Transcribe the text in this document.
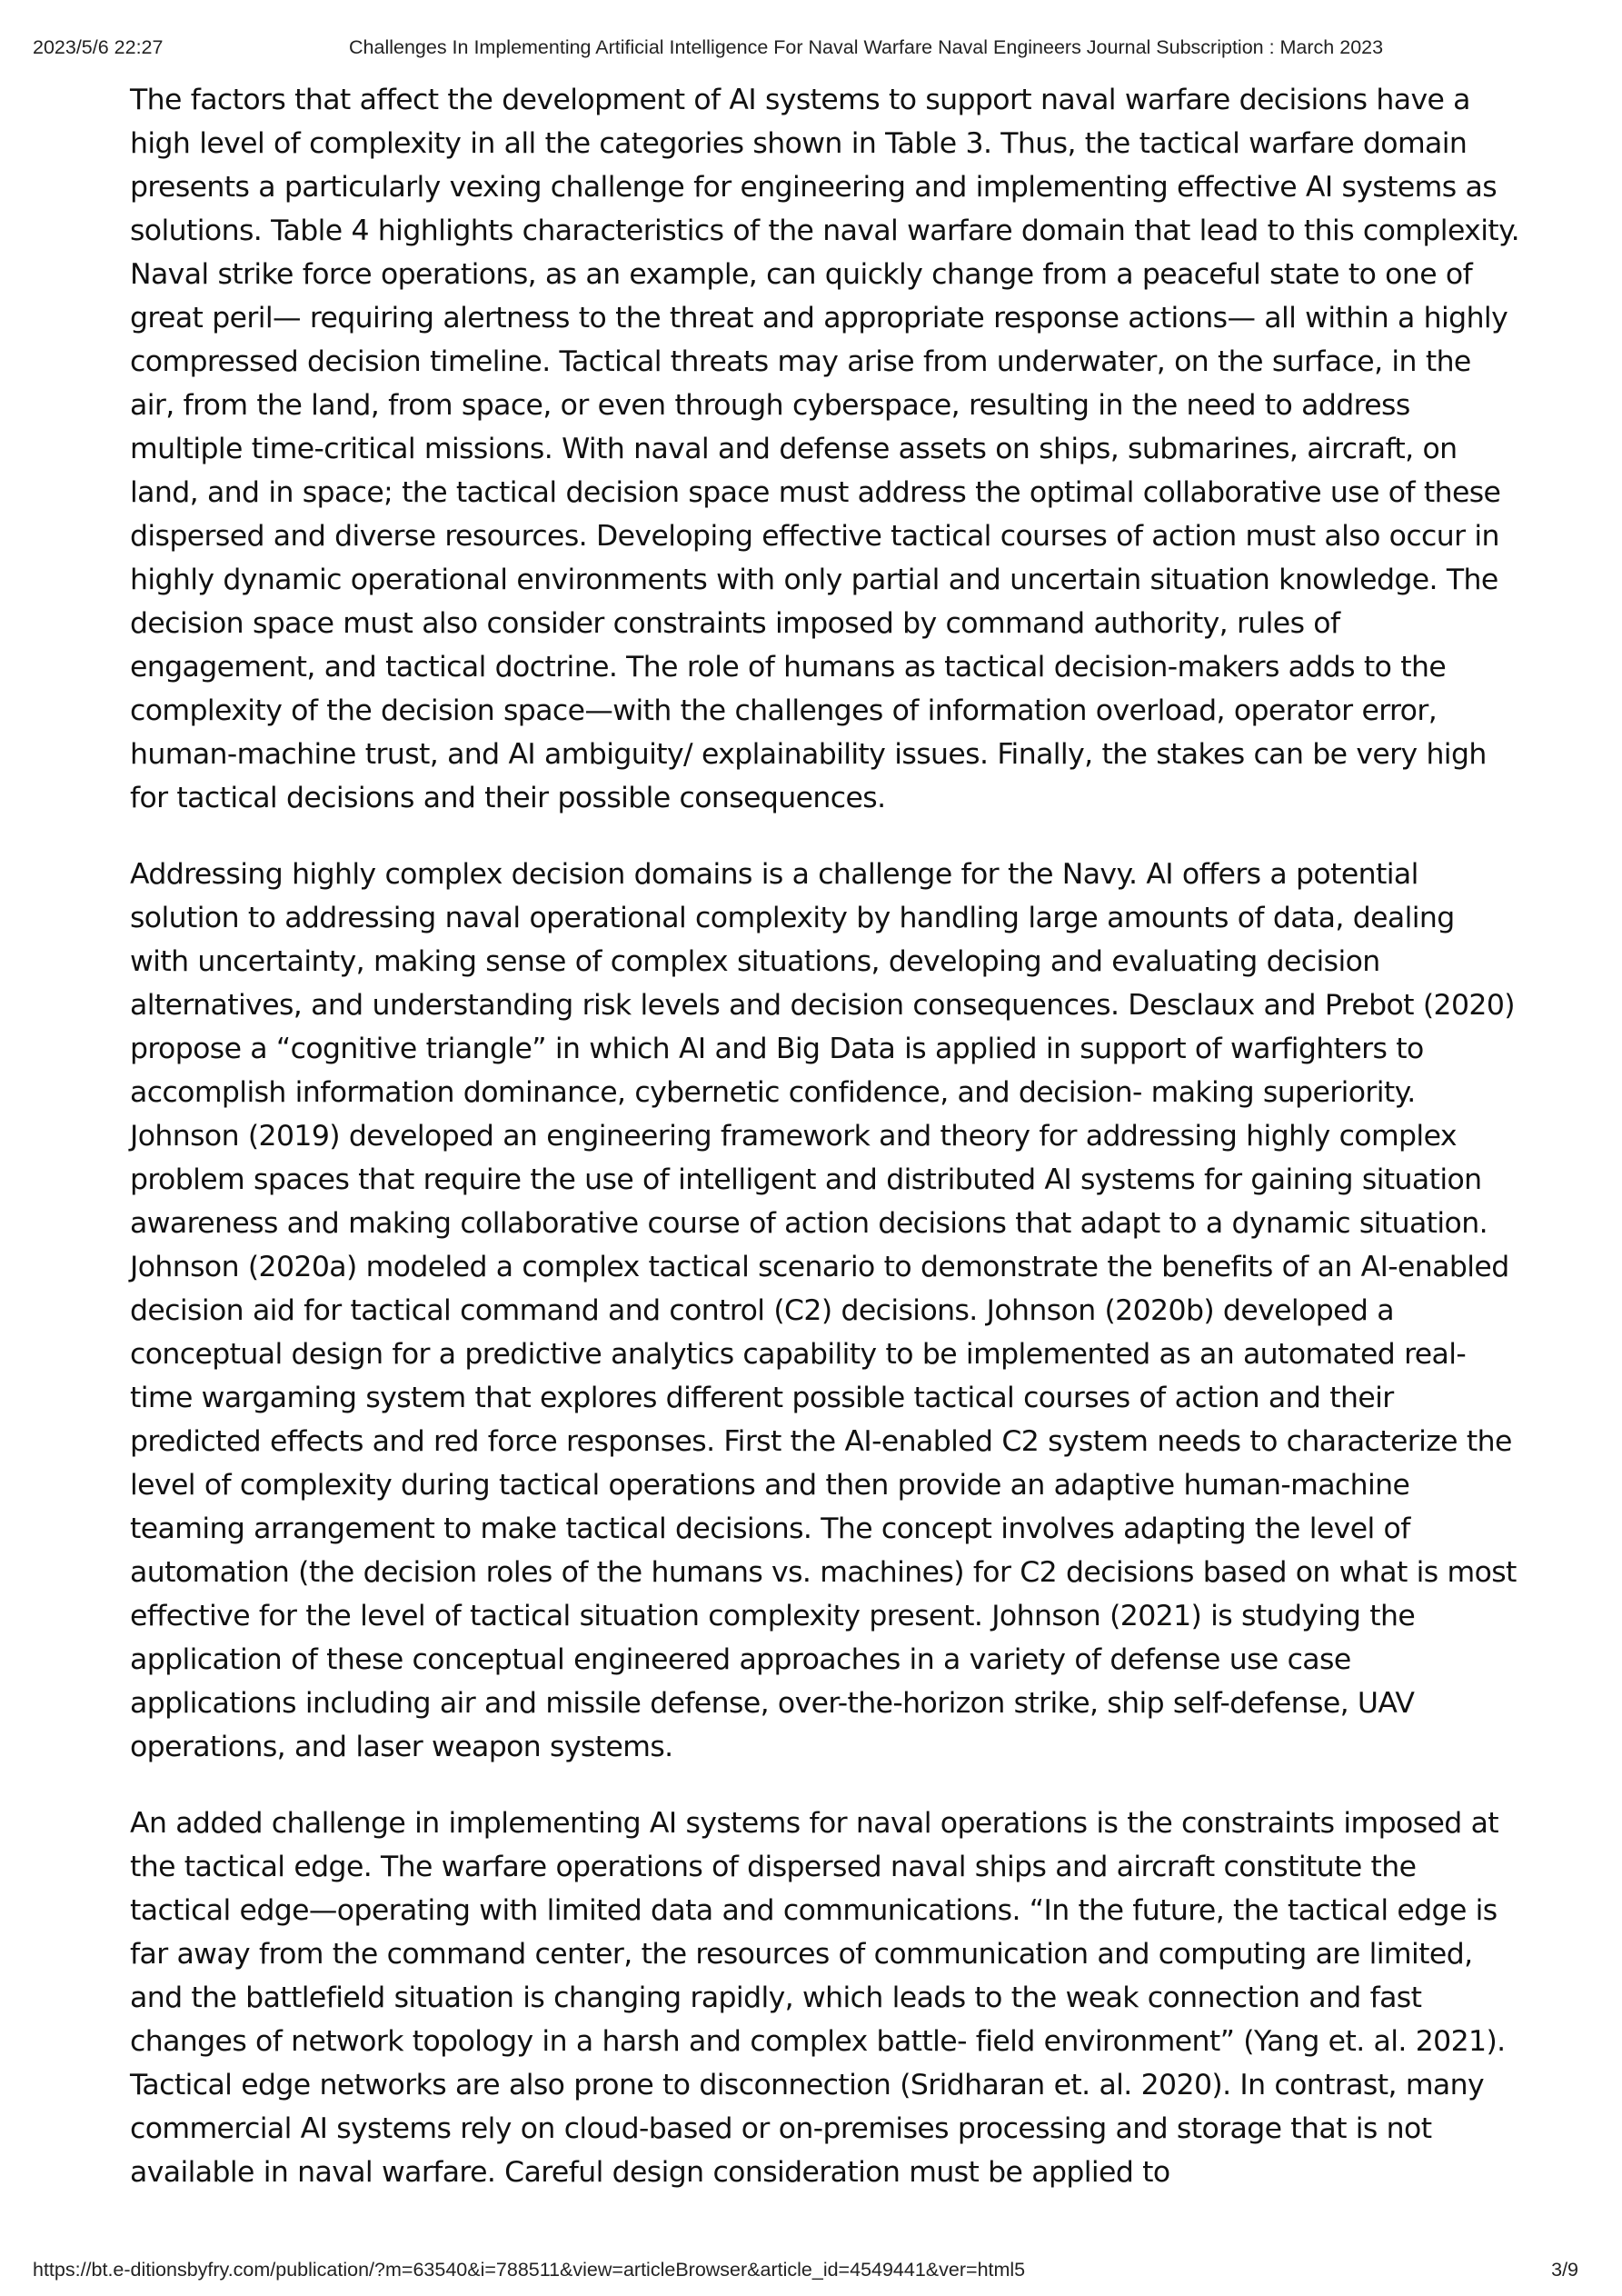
2023/5/6 22:27	Challenges In Implementing Artificial Intelligence For Naval Warfare Naval Engineers Journal Subscription : March 2023

The factors that affect the development of AI systems to support naval warfare decisions have a high level of complexity in all the categories shown in Table 3. Thus, the tactical warfare domain presents a particularly vexing challenge for engineering and implementing effective AI systems as solutions. Table 4 highlights characteristics of the naval warfare domain that lead to this complexity. Naval strike force operations, as an example, can quickly change from a peaceful state to one of great peril— requiring alertness to the threat and appropriate response actions— all within a highly compressed decision timeline. Tactical threats may arise from underwater, on the surface, in the air, from the land, from space, or even through cyberspace, resulting in the need to address multiple time-critical missions. With naval and defense assets on ships, submarines, aircraft, on land, and in space; the tactical decision space must address the optimal collaborative use of these dispersed and diverse resources. Developing effective tactical courses of action must also occur in highly dynamic operational environments with only partial and uncertain situation knowledge. The decision space must also consider constraints imposed by command authority, rules of engagement, and tactical doctrine. The role of humans as tactical decision-makers adds to the complexity of the decision space—with the challenges of information overload, operator error, human-machine trust, and AI ambiguity/ explainability issues. Finally, the stakes can be very high for tactical decisions and their possible consequences.

Addressing highly complex decision domains is a challenge for the Navy. AI offers a potential solution to addressing naval operational complexity by handling large amounts of data, dealing with uncertainty, making sense of complex situations, developing and evaluating decision alternatives, and understanding risk levels and decision consequences. Desclaux and Prebot (2020) propose a “cognitive triangle” in which AI and Big Data is applied in support of warfighters to accomplish information dominance, cybernetic confidence, and decision- making superiority. Johnson (2019) developed an engineering framework and theory for addressing highly complex problem spaces that require the use of intelligent and distributed AI systems for gaining situation awareness and making collaborative course of action decisions that adapt to a dynamic situation. Johnson (2020a) modeled a complex tactical scenario to demonstrate the benefits of an AI-enabled decision aid for tactical command and control (C2) decisions. Johnson (2020b) developed a conceptual design for a predictive analytics capability to be implemented as an automated real-time wargaming system that explores different possible tactical courses of action and their predicted effects and red force responses. First the AI-enabled C2 system needs to characterize the level of complexity during tactical operations and then provide an adaptive human-machine teaming arrangement to make tactical decisions. The concept involves adapting the level of automation (the decision roles of the humans vs. machines) for C2 decisions based on what is most effective for the level of tactical situation complexity present. Johnson (2021) is studying the application of these conceptual engineered approaches in a variety of defense use case applications including air and missile defense, over-the-horizon strike, ship self-defense, UAV operations, and laser weapon systems.

An added challenge in implementing AI systems for naval operations is the constraints imposed at the tactical edge. The warfare operations of dispersed naval ships and aircraft constitute the tactical edge—operating with limited data and communications. “In the future, the tactical edge is far away from the command center, the resources of communication and computing are limited, and the battlefield situation is changing rapidly, which leads to the weak connection and fast changes of network topology in a harsh and complex battle- field environment” (Yang et. al. 2021). Tactical edge networks are also prone to disconnection (Sridharan et. al. 2020). In contrast, many commercial AI systems rely on cloud-based or on-premises processing and storage that is not available in naval warfare. Careful design consideration must be applied to

https://bt.e-ditionsbyfry.com/publication/?m=63540&i=788511&view=articleBrowser&article_id=4549441&ver=html5	3/9
